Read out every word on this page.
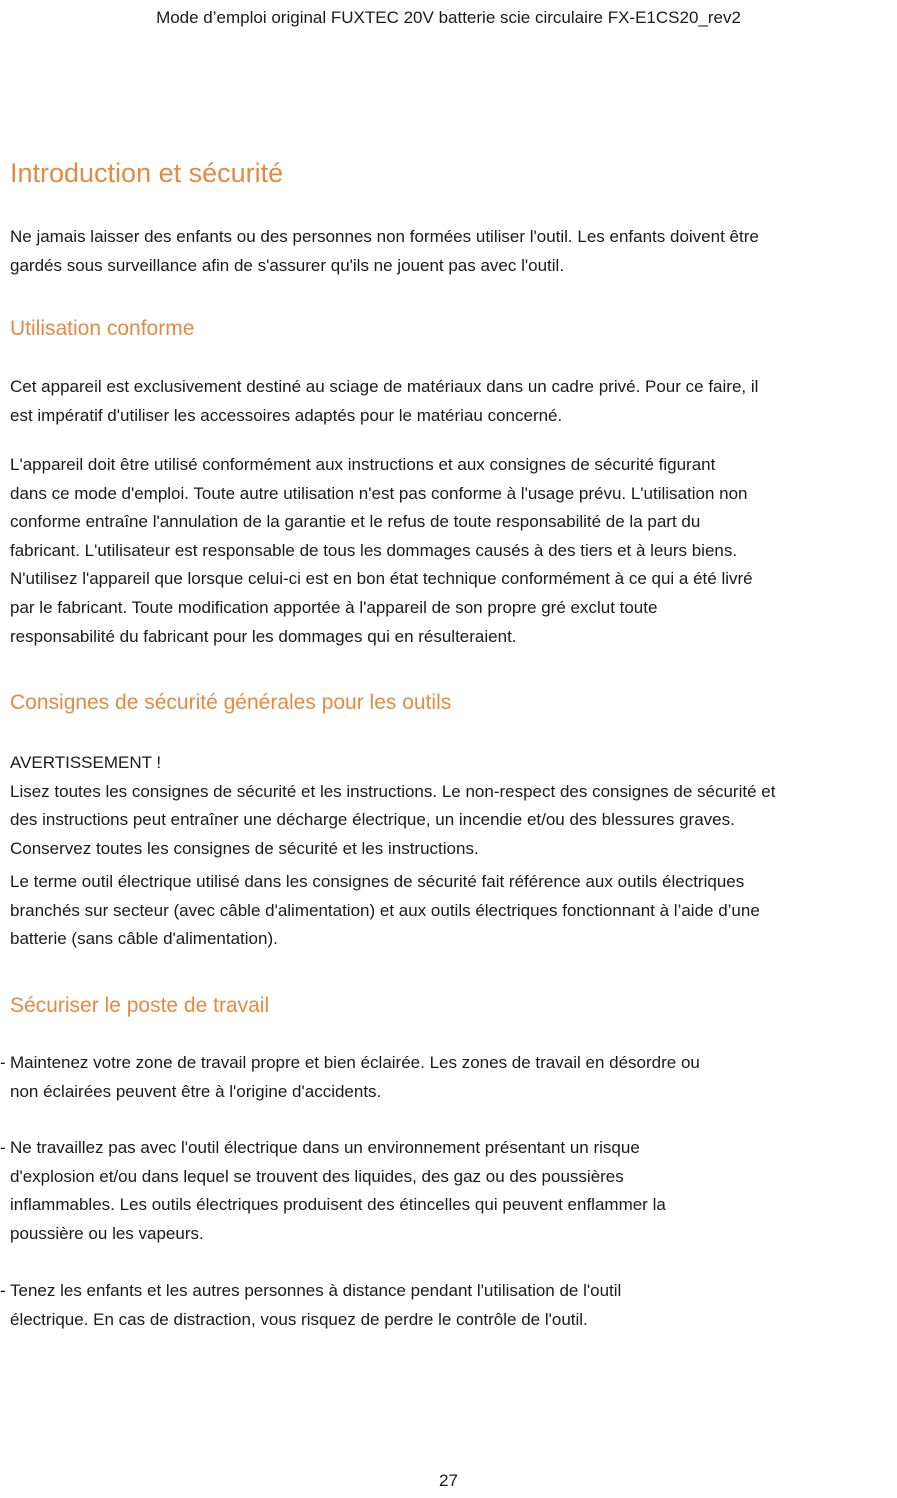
Mode d’emploi original FUXTEC 20V batterie scie circulaire FX-E1CS20_rev2
Introduction et sécurité
Ne jamais laisser des enfants ou des personnes non formées utiliser l'outil. Les enfants doivent être
gardés sous surveillance afin de s'assurer qu'ils ne jouent pas avec l'outil.
Utilisation conforme
Cet appareil est exclusivement destiné au sciage de matériaux dans un cadre privé. Pour ce faire, il
est impératif d'utiliser les accessoires adaptés pour le matériau concerné.
L'appareil doit être utilisé conformément aux instructions et aux consignes de sécurité figurant
dans ce mode d'emploi. Toute autre utilisation n'est pas conforme à l'usage prévu. L'utilisation non
conforme entraîne l'annulation de la garantie et le refus de toute responsabilité de la part du
fabricant. L'utilisateur est responsable de tous les dommages causés à des tiers et à leurs biens.
N'utilisez l'appareil que lorsque celui-ci est en bon état technique conformément à ce qui a été livré
par le fabricant. Toute modification apportée à l'appareil de son propre gré exclut toute
responsabilité du fabricant pour les dommages qui en résulteraient.
Consignes de sécurité générales pour les outils
AVERTISSEMENT !
Lisez toutes les consignes de sécurité et les instructions. Le non-respect des consignes de sécurité et
des instructions peut entraîner une décharge électrique, un incendie et/ou des blessures graves.
Conservez toutes les consignes de sécurité et les instructions.
Le terme outil électrique utilisé dans les consignes de sécurité fait référence aux outils électriques
branchés sur secteur (avec câble d'alimentation) et aux outils électriques fonctionnant à l’aide d’une
batterie (sans câble d'alimentation).
Sécuriser le poste de travail
- Maintenez votre zone de travail propre et bien éclairée. Les zones de travail en désordre ou
non éclairées peuvent être à l'origine d'accidents.
- Ne travaillez pas avec l'outil électrique dans un environnement présentant un risque
d'explosion et/ou dans lequel se trouvent des liquides, des gaz ou des poussières
inflammables. Les outils électriques produisent des étincelles qui peuvent enflammer la
poussière ou les vapeurs.
- Tenez les enfants et les autres personnes à distance pendant l'utilisation de l'outil
électrique. En cas de distraction, vous risquez de perdre le contrôle de l'outil.
27
